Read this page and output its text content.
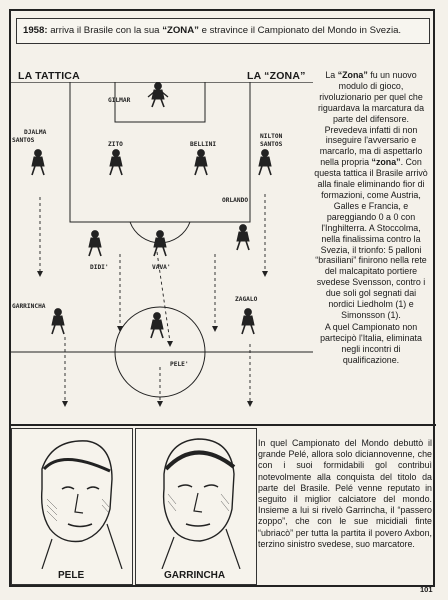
1958: arriva il Brasile con la sua “ZONA” e stravince il Campionato del Mondo in Svezia.
LA TATTICA	LA “ZONA”
GILMAR
DJALMA SANTOS
ZITO	BELLINI
NILTON SANTOS
ORLANDO
DIDI'	VAVA'
GARRINCHA
PELE'
ZAGALO

La “Zona” fu un nuovo modulo di gioco, rivoluzionario per quel che riguardava la marcatura da parte del difensore. Prevedeva infatti di non inseguire l'avversario e marcarlo, ma di aspettarlo nella propria “zona”. Con questa tattica il Brasile arrivò alla finale eliminando fior di formazioni, come Austria, Galles e Francia, e pareggiando 0 a 0 con l'Inghilterra. A Stoccolma, nella finalissima contro la Svezia, il trionfo: 5 palloni “brasiliani” finirono nella rete del malcapitato portiere svedese Svensson, contro i due soli gol segnati dai nordici Liedholm (1) e Simonsson (1).

A quel Campionato non partecipò l'Italia, eliminata negli incontri di qualificazione.

In quel Campionato del Mondo debuttò il grande Pelé, allora solo diciannovenne, che con i suoi formidabili gol contribuì notevolmente alla conquista del titolo da parte del Brasile. Pelé venne reputato in seguito il miglior calciatore del mondo. Insieme a lui si rivelò Garrincha, il “passero zoppo”, che con le sue micidiali finte “ubriacò” per tutta la partita il povero Axbon, terzino sinistro svedese, suo marcatore.
PELE	GARRINCHA
101
